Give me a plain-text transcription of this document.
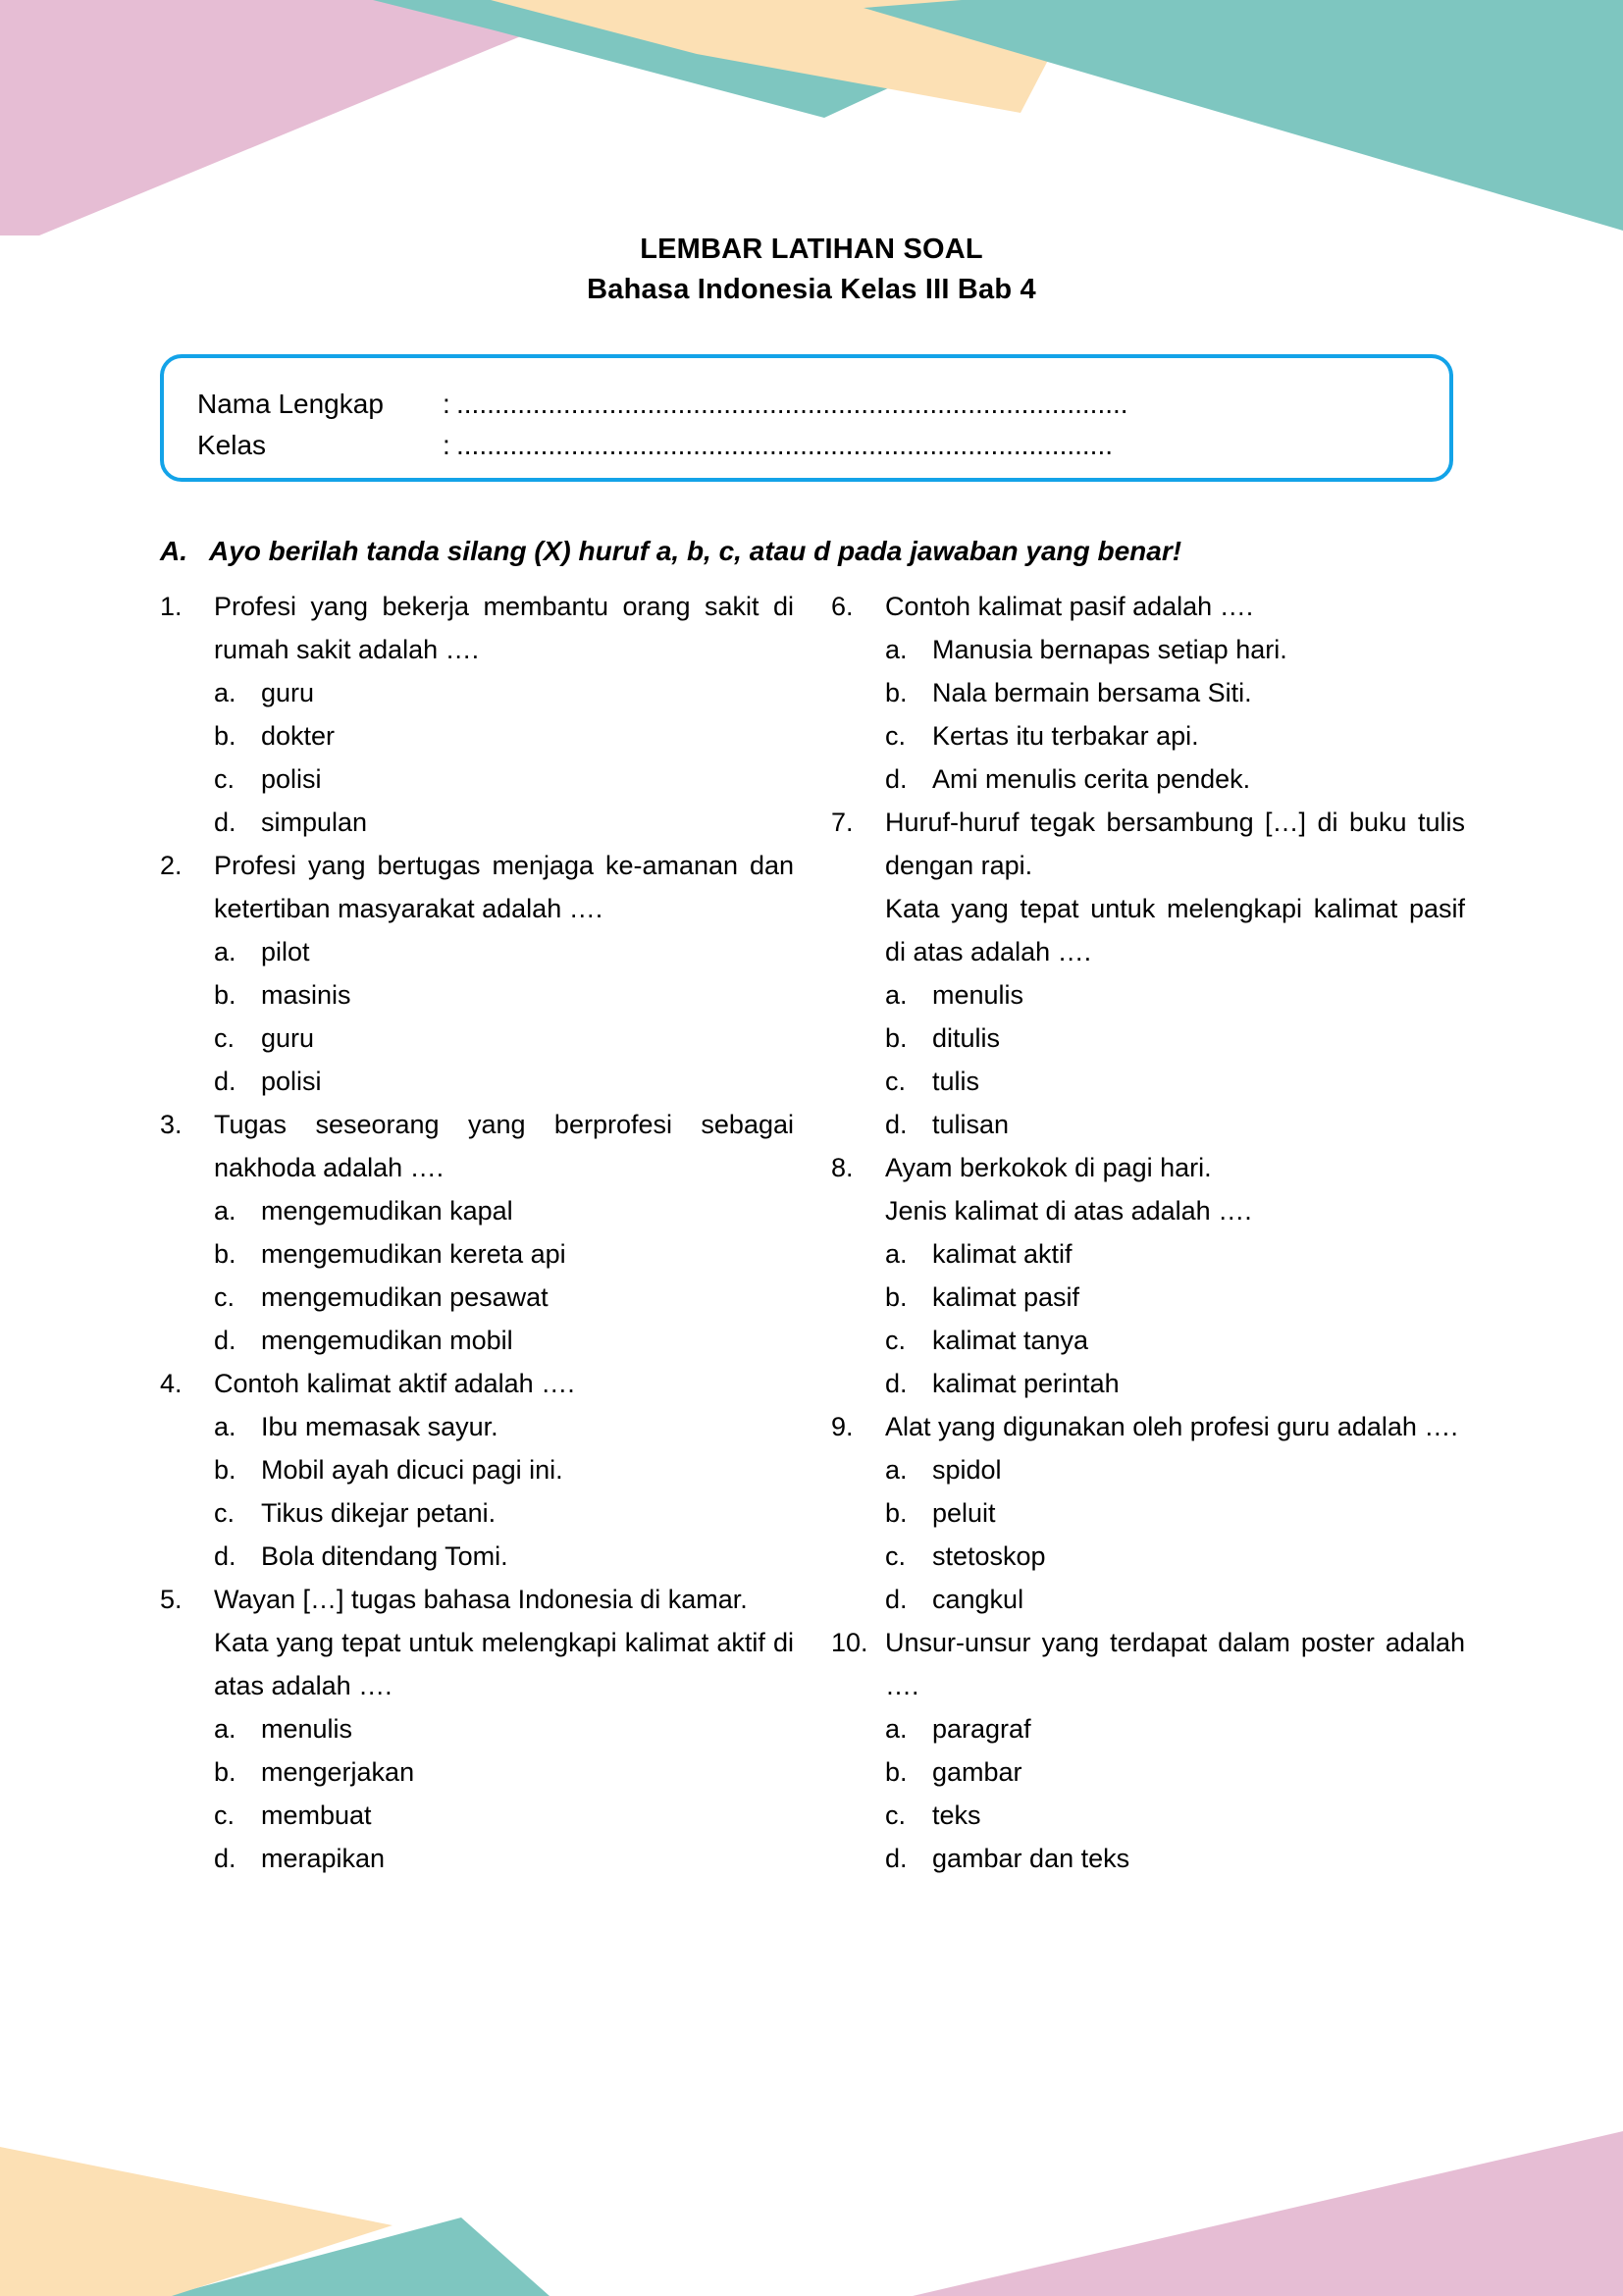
LEMBAR LATIHAN SOAL
Bahasa Indonesia Kelas III Bab 4
Nama Lengkap	: ........................................................................................
Kelas	: ......................................................................................
A. Ayo berilah tanda silang (X) huruf a, b, c, atau d pada jawaban yang benar!
1.	Profesi yang bekerja membantu orang sakit di rumah sakit adalah ….

a. guru
b. dokter
c. polisi
d. simpulan
2.	Profesi yang bertugas menjaga ke-amanan dan ketertiban masyarakat adalah ….

a. pilot
b. masinis
c. guru
d. polisi
3.	Tugas seseorang yang berprofesi sebagai nakhoda adalah ….

a. mengemudikan kapal
b. mengemudikan kereta api
c. mengemudikan pesawat
d. mengemudikan mobil
4.	Contoh kalimat aktif adalah ….

a. Ibu memasak sayur.
b. Mobil ayah dicuci pagi ini.
c. Tikus dikejar petani.
d. Bola ditendang Tomi.
5.	Wayan […] tugas bahasa Indonesia di kamar.

Kata yang tepat untuk melengkapi kalimat aktif di atas adalah ….

a. menulis
b. mengerjakan
c. membuat
d. merapikan
6.	Contoh kalimat pasif adalah ….

a. Manusia bernapas setiap hari.
b. Nala bermain bersama Siti.
c. Kertas itu terbakar api.
d. Ami menulis cerita pendek.
7.	Huruf-huruf tegak bersambung […] di buku tulis dengan rapi.

Kata yang tepat untuk melengkapi kalimat pasif di atas adalah ….

a. menulis
b. ditulis
c. tulis
d. tulisan
8.	Ayam berkokok di pagi hari.

Jenis kalimat di atas adalah ….

a. kalimat aktif
b. kalimat pasif
c. kalimat tanya
d. kalimat perintah
9.	Alat yang digunakan oleh profesi guru adalah ….

a. spidol
b. peluit
c. stetoskop
d. cangkul
10. Unsur-unsur yang terdapat dalam poster adalah ….

a. paragraf
b. gambar
c. teks
d. gambar dan teks
